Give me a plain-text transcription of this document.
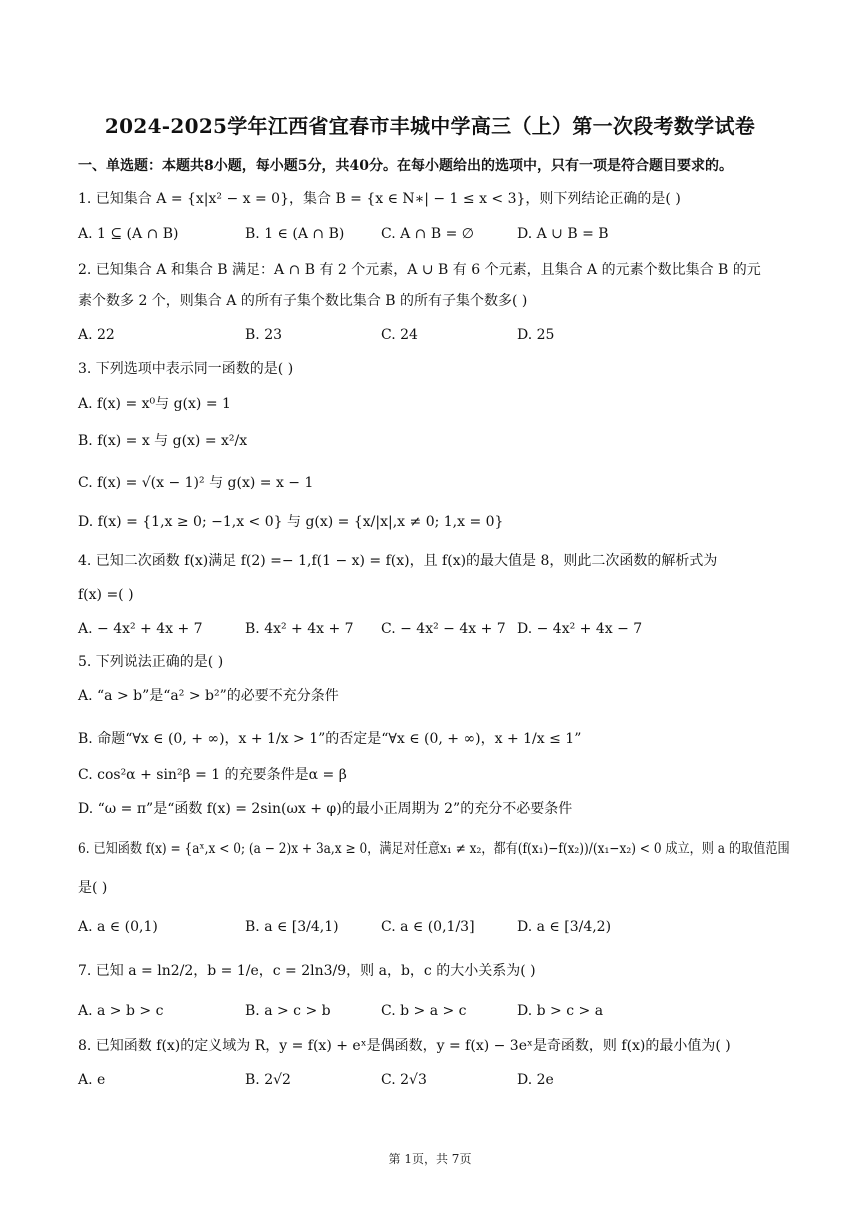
2024-2025学年江西省宜春市丰城中学高三（上）第一次段考数学试卷
一、单选题：本题共8小题，每小题5分，共40分。在每小题给出的选项中，只有一项是符合题目要求的。
1. 已知集合 A = {x|x² − x = 0}，集合 B = {x ∈ N∗| − 1 ≤ x < 3}，则下列结论正确的是( )
A. 1 ⊆ (A ∩ B)	B. 1 ∈ (A ∩ B)	C. A ∩ B = ∅	D. A ∪ B = B
2. 已知集合 A 和集合 B 满足：A ∩ B 有 2 个元素，A ∪ B 有 6 个元素，且集合 A 的元素个数比集合 B 的元
素个数多 2 个，则集合 A 的所有子集个数比集合 B 的所有子集个数多( )
A. 22	B. 23	C. 24	D. 25
3. 下列选项中表示同一函数的是( )
A. f(x) = x⁰与 g(x) = 1
B. f(x) = x 与 g(x) = x²/x
C. f(x) = √(x − 1)² 与 g(x) = x − 1
D. f(x) = {1,x ≥ 0; −1,x < 0} 与 g(x) = {x/|x|,x ≠ 0; 1,x = 0}
4. 已知二次函数 f(x)满足 f(2) =− 1,f(1 − x) = f(x)，且 f(x)的最大值是 8，则此二次函数的解析式为
f(x) =( )
A. − 4x² + 4x + 7	B. 4x² + 4x + 7 C. − 4x² − 4x + 7 D. − 4x² + 4x − 7
5. 下列说法正确的是( )
A. “a > b”是“a² > b²”的必要不充分条件
B. 命题“∀x ∈ (0, + ∞)，x + 1/x > 1”的否定是“∀x ∈ (0, + ∞)，x + 1/x ≤ 1”
C. cos²α + sin²β = 1 的充要条件是α = β
D. “ω = π”是“函数 f(x) = 2sin(ωx + φ)的最小正周期为 2”的充分不必要条件
6. 已知函数 f(x) = {aˣ,x < 0; (a − 2)x + 3a,x ≥ 0，满足对任意x₁ ≠ x₂，都有(f(x₁)−f(x₂))/(x₁−x₂) < 0 成立，则 a 的取值范围
是( )
A. a ∈ (0,1)	B. a ∈ [3/4,1)	C. a ∈ (0,1/3]	D. a ∈ [3/4,2)
7. 已知 a = ln2/2，b = 1/e，c = 2ln3/9，则 a，b，c 的大小关系为( )
A. a > b > c	B. a > c > b	C. b > a > c	D. b > c > a
8. 已知函数 f(x)的定义域为 R，y = f(x) + eˣ是偶函数，y = f(x) − 3eˣ是奇函数，则 f(x)的最小值为( )
A. e	B. 2√2	C. 2√3	D. 2e
第 1页，共 7页
